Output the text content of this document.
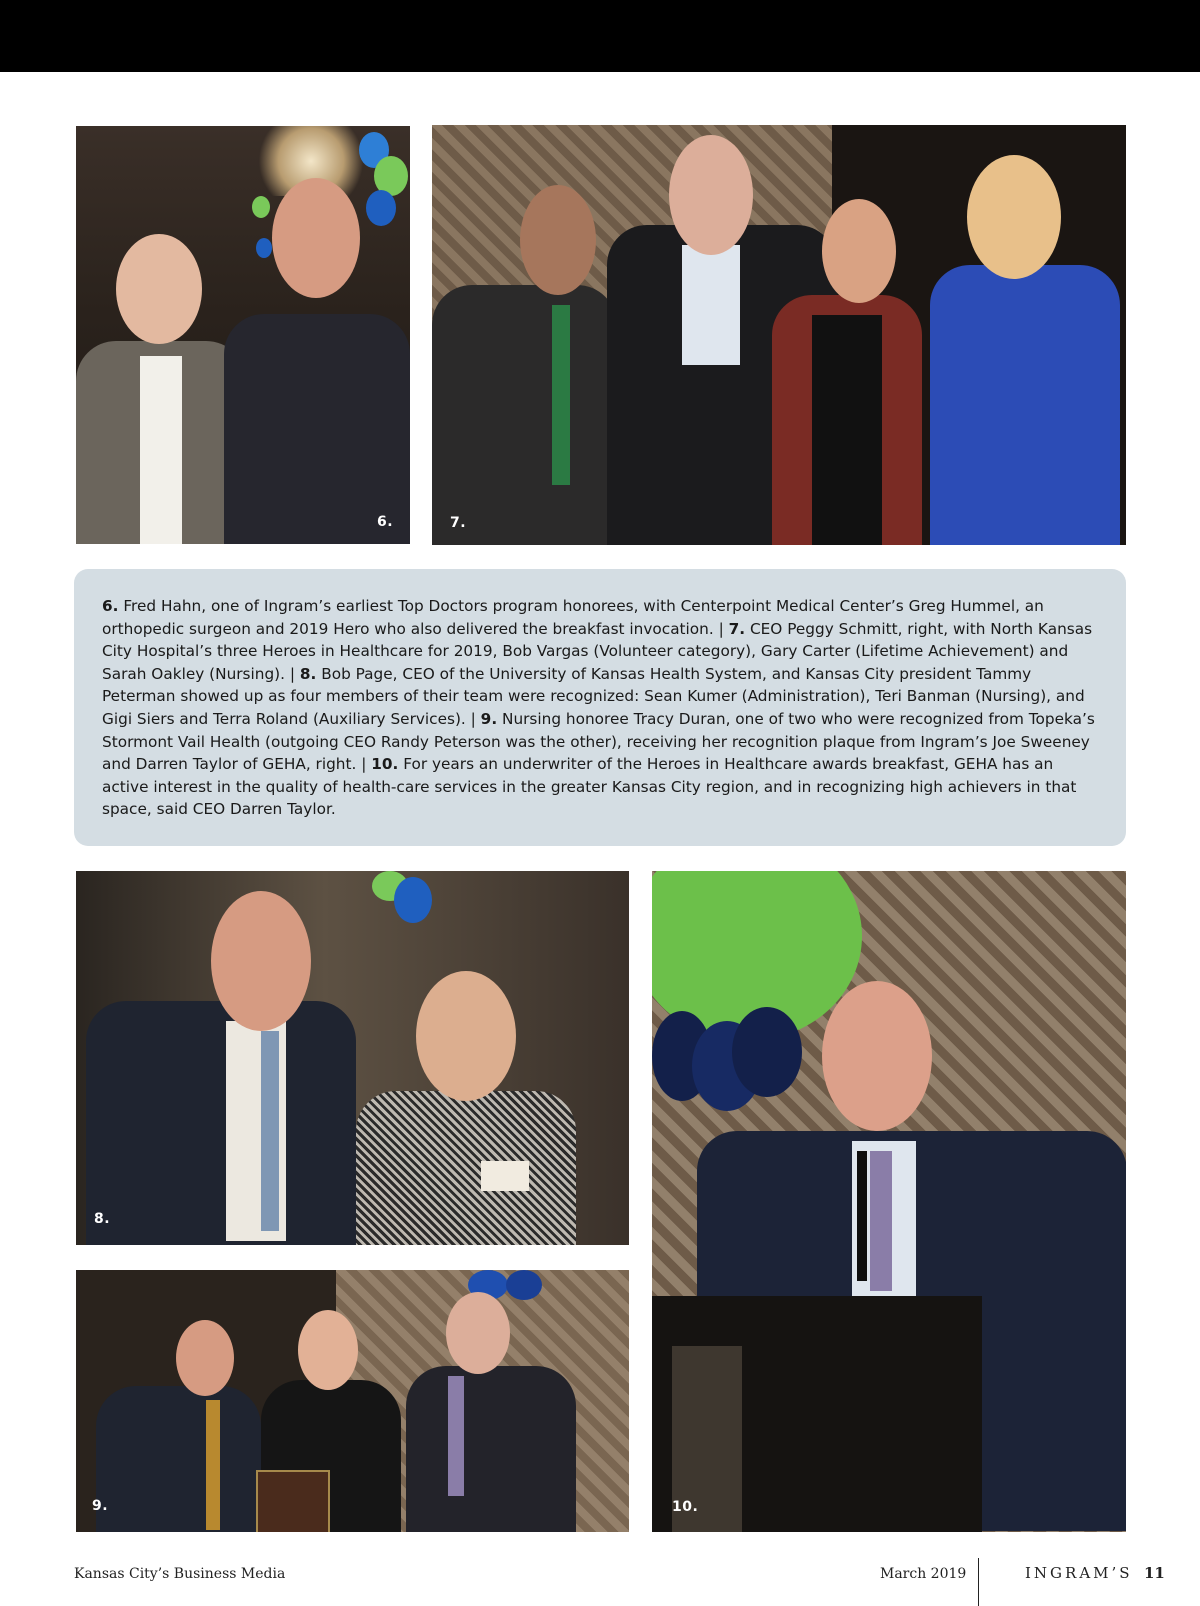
6.	7.
6. Fred Hahn, one of Ingram’s earliest Top Doctors program honorees, with Centerpoint Medical Center’s Greg Hummel, an orthopedic surgeon and 2019 Hero who also delivered the breakfast invocation. | 7. CEO Peggy Schmitt, right, with North Kansas City Hospital’s three Heroes in Healthcare for 2019, Bob Vargas (Volunteer category), Gary Carter (Lifetime Achievement) and Sarah Oakley (Nursing). | 8. Bob Page, CEO of the University of Kansas Health System, and Kansas City president Tammy Peterman showed up as four members of their team were recognized: Sean Kumer (Administration), Teri Banman (Nursing), and Gigi Siers and Terra Roland (Auxiliary Services). | 9. Nursing honoree Tracy Duran, one of two who were recognized from Topeka’s Stormont Vail Health (outgoing CEO Randy Peterson was the other), receiving her recognition plaque from Ingram’s Joe Sweeney and Darren Taylor of GEHA, right. | 10. For years an underwriter of the Heroes in Healthcare awards breakfast, GEHA has an active interest in the quality of health-care services in the greater Kansas City region, and in recognizing high achievers in that space, said CEO Darren Taylor.
8.
9.	10.
Kansas City’s Business Media	March 2019	INGRAM’S 11
